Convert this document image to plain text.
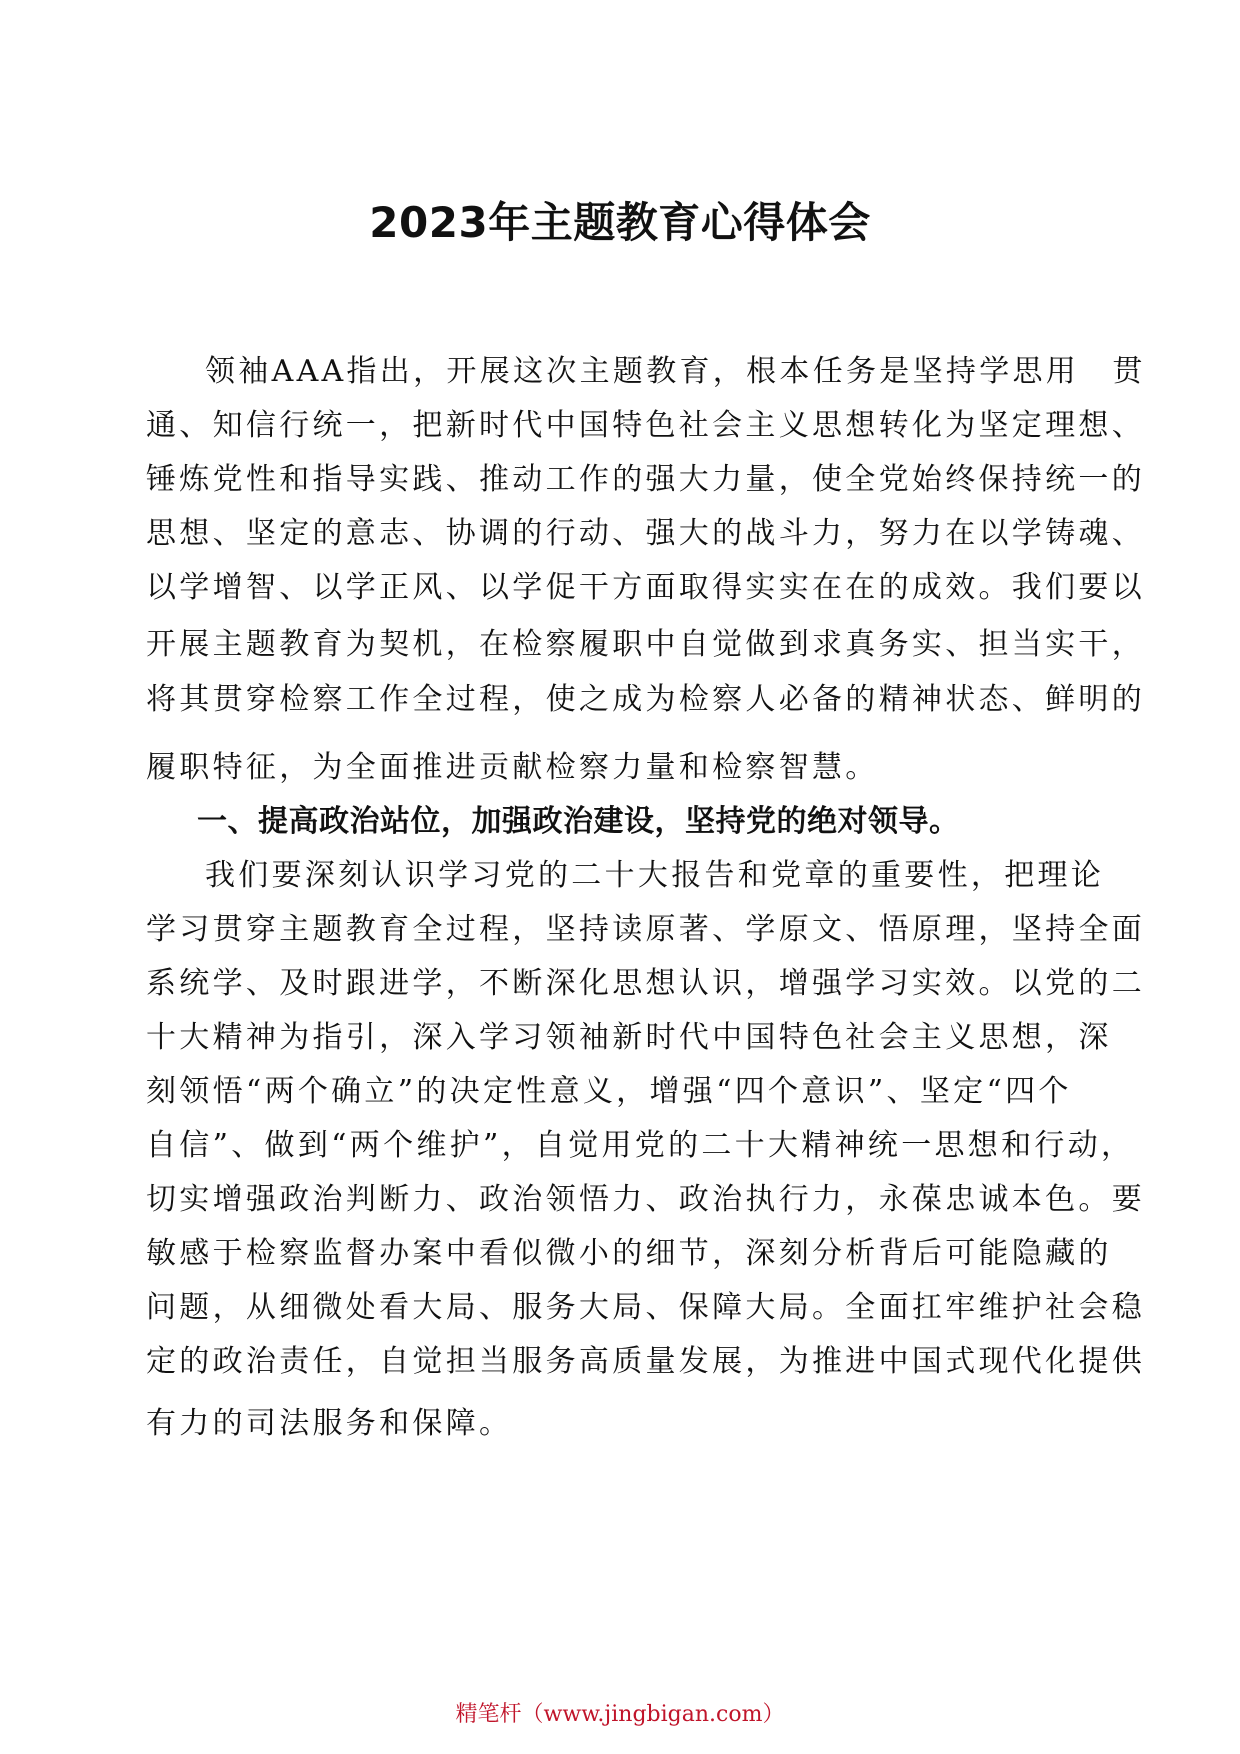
2023年主题教育心得体会
领袖AAA指出，开展这次主题教育，根本任务是坚持学思用　贯
通、知信行统一，把新时代中国特色社会主义思想转化为坚定理想、
锤炼党性和指导实践、推动工作的强大力量，使全党始终保持统一的
思想、坚定的意志、协调的行动、强大的战斗力，努力在以学铸魂、
以学增智、以学正风、以学促干方面取得实实在在的成效。我们要以
开展主题教育为契机，在检察履职中自觉做到求真务实、担当实干，
将其贯穿检察工作全过程，使之成为检察人必备的精神状态、鲜明的
履职特征，为全面推进贡献检察力量和检察智慧。
一、提高政治站位，加强政治建设，坚持党的绝对领导。
我们要深刻认识学习党的二十大报告和党章的重要性，把理论
学习贯穿主题教育全过程，坚持读原著、学原文、悟原理，坚持全面
系统学、及时跟进学，不断深化思想认识，增强学习实效。以党的二
十大精神为指引，深入学习领袖新时代中国特色社会主义思想，深
刻领悟“两个确立”的决定性意义，增强“四个意识”、坚定“四个
自信”、做到“两个维护”，自觉用党的二十大精神统一思想和行动，
切实增强政治判断力、政治领悟力、政治执行力，永葆忠诚本色。要
敏感于检察监督办案中看似微小的细节，深刻分析背后可能隐藏的
问题，从细微处看大局、服务大局、保障大局。全面扛牢维护社会稳
定的政治责任，自觉担当服务高质量发展，为推进中国式现代化提供
有力的司法服务和保障。
精笔杆（www.jingbigan.com）
